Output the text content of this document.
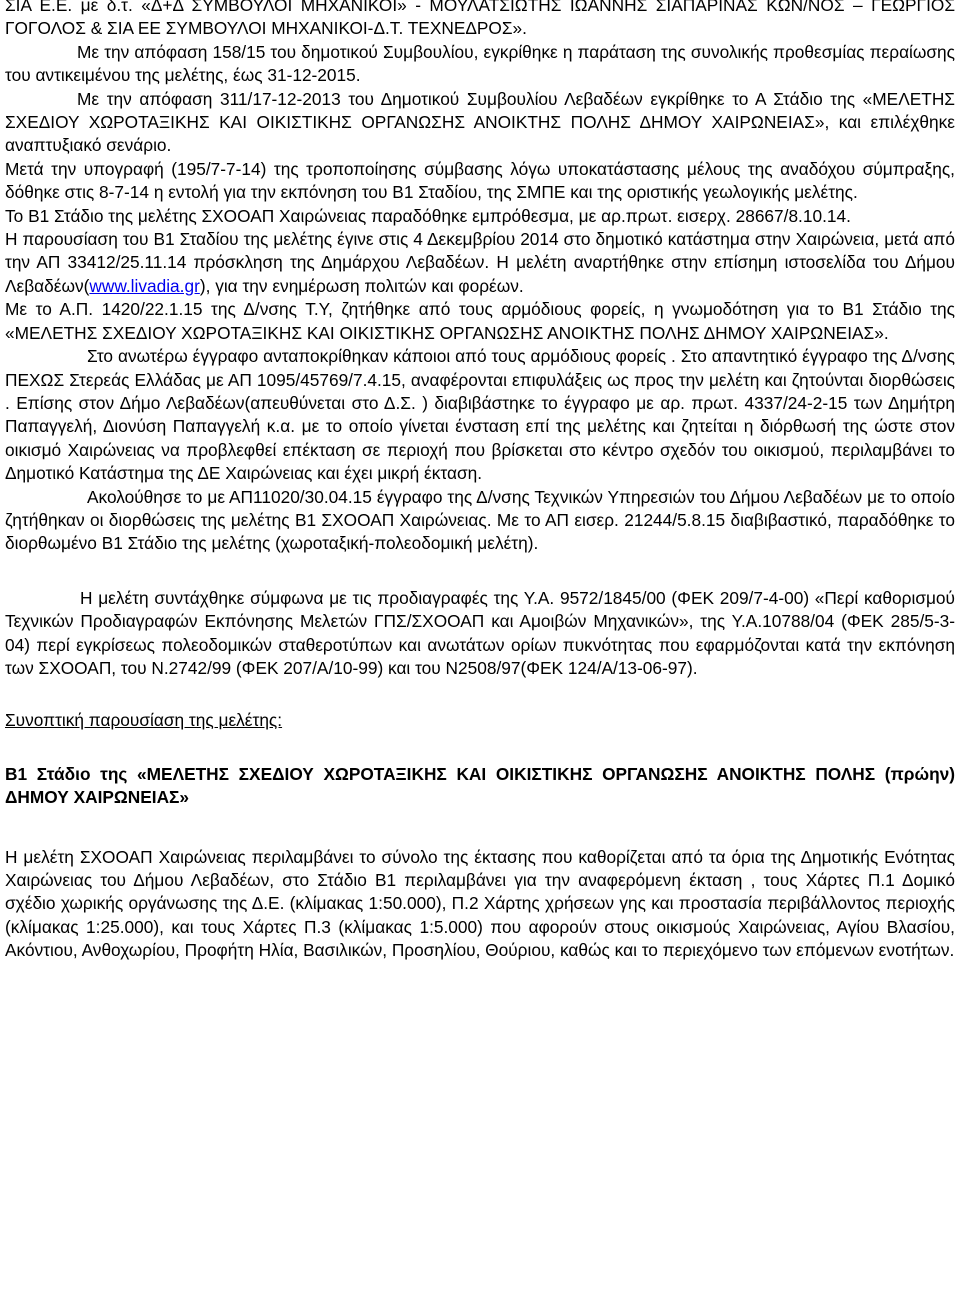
ΣΙΑ Ε.Ε. με δ.τ. «Δ+Δ ΣΥΜΒΟΥΛΟΙ ΜΗΧΑΝΙΚΟΙ» - ΜΟΥΛΑΤΣΙΩΤΗΣ ΙΩΑΝΝΗΣ ΣΙΑΠΑΡΙΝΑΣ ΚΩΝ/ΝΟΣ – ΓΕΩΡΓΙΟΣ ΓΟΓΟΛΟΣ & ΣΙΑ ΕΕ ΣΥΜΒΟΥΛΟΙ ΜΗΧΑΝΙΚΟΙ-Δ.Τ. ΤΕΧΝΕΔΡΟΣ».

Με την απόφαση 158/15 του δημοτικού Συμβουλίου, εγκρίθηκε η παράταση της συνολικής προθεσμίας περαίωσης του αντικειμένου της μελέτης, έως 31-12-2015.

Με την απόφαση 311/17-12-2013 του Δημοτικού Συμβουλίου Λεβαδέων εγκρίθηκε το Α Στάδιο της «ΜΕΛΕΤΗΣ ΣΧΕΔΙΟΥ ΧΩΡΟΤΑΞΙΚΗΣ ΚΑΙ ΟΙΚΙΣΤΙΚΗΣ ΟΡΓΑΝΩΣΗΣ ΑΝΟΙΚΤΗΣ ΠΟΛΗΣ ΔΗΜΟΥ ΧΑΙΡΩΝΕΙΑΣ», και επιλέχθηκε αναπτυξιακό σενάριο.

Μετά την υπογραφή (195/7-7-14) της τροποποίησης σύμβασης λόγω υποκατάστασης μέλους της αναδόχου σύμπραξης, δόθηκε στις 8-7-14 η εντολή για την εκπόνηση του Β1 Σταδίου, της ΣΜΠΕ και της οριστικής γεωλογικής μελέτης.

Το Β1 Στάδιο της μελέτης ΣΧΟΟΑΠ Χαιρώνειας παραδόθηκε εμπρόθεσμα, με αρ.πρωτ. εισερχ. 28667/8.10.14.

Η παρουσίαση του Β1 Σταδίου της μελέτης έγινε στις 4 Δεκεμβρίου 2014 στο δημοτικό κατάστημα στην Χαιρώνεια, μετά από την ΑΠ 33412/25.11.14 πρόσκληση της Δημάρχου Λεβαδέων. Η μελέτη αναρτήθηκε στην επίσημη ιστοσελίδα του Δήμου Λεβαδέων(www.livadia.gr), για την ενημέρωση πολιτών και φορέων.

Με το Α.Π. 1420/22.1.15 της Δ/νσης Τ.Υ, ζητήθηκε από τους αρμόδιους φορείς, η γνωμοδότηση για το Β1 Στάδιο της «ΜΕΛΕΤΗΣ ΣΧΕΔΙΟΥ ΧΩΡΟΤΑΞΙΚΗΣ ΚΑΙ ΟΙΚΙΣΤΙΚΗΣ ΟΡΓΑΝΩΣΗΣ ΑΝΟΙΚΤΗΣ ΠΟΛΗΣ ΔΗΜΟΥ ΧΑΙΡΩΝΕΙΑΣ».

Στο ανωτέρω έγγραφο ανταποκρίθηκαν κάποιοι από τους αρμόδιους φορείς . Στο απαντητικό έγγραφο της Δ/νσης ΠΕΧΩΣ Στερεάς Ελλάδας με ΑΠ 1095/45769/7.4.15, αναφέρονται επιφυλάξεις ως προς την μελέτη και ζητούνται διορθώσεις . Επίσης στον Δήμο Λεβαδέων(απευθύνεται στο Δ.Σ. ) διαβιβάστηκε το έγγραφο με αρ. πρωτ. 4337/24-2-15 των Δημήτρη Παπαγγελή, Διονύση Παπαγγελή κ.α. με το οποίο γίνεται ένσταση επί της μελέτης και ζητείται η διόρθωσή της ώστε στον οικισμό Χαιρώνειας να προβλεφθεί επέκταση σε περιοχή που βρίσκεται στο κέντρο σχεδόν του οικισμού, περιλαμβάνει το Δημοτικό Κατάστημα της ΔΕ Χαιρώνειας και έχει μικρή έκταση.

Ακολούθησε το με ΑΠ11020/30.04.15 έγγραφο της Δ/νσης Τεχνικών Υπηρεσιών του Δήμου Λεβαδέων με το οποίο ζητήθηκαν οι διορθώσεις της μελέτης Β1 ΣΧΟΟΑΠ Χαιρώνειας. Με το ΑΠ εισερ. 21244/5.8.15 διαβιβαστικό, παραδόθηκε το διορθωμένο Β1 Στάδιο της μελέτης (χωροταξική-πολεοδομική μελέτη).

Η μελέτη συντάχθηκε σύμφωνα με τις προδιαγραφές της Υ.Α. 9572/1845/00 (ΦΕΚ 209/7-4-00) «Περί καθορισμού Τεχνικών Προδιαγραφών Εκπόνησης Μελετών ΓΠΣ/ΣΧΟΟΑΠ και Αμοιβών Μηχανικών», της Υ.Α.10788/04 (ΦΕΚ 285/5-3-04) περί εγκρίσεως πολεοδομικών σταθεροτύπων και ανωτάτων ορίων πυκνότητας που εφαρμόζονται κατά την εκπόνηση των ΣΧΟΟΑΠ, του Ν.2742/99 (ΦΕΚ 207/Α/10-99) και του Ν2508/97(ΦΕΚ 124/Α/13-06-97).

Συνοπτική παρουσίαση της μελέτης:

Β1 Στάδιο της «ΜΕΛΕΤΗΣ ΣΧΕΔΙΟΥ ΧΩΡΟΤΑΞΙΚΗΣ ΚΑΙ ΟΙΚΙΣΤΙΚΗΣ ΟΡΓΑΝΩΣΗΣ ΑΝΟΙΚΤΗΣ ΠΟΛΗΣ (πρώην) ΔΗΜΟΥ ΧΑΙΡΩΝΕΙΑΣ»

Η μελέτη ΣΧΟΟΑΠ Χαιρώνειας περιλαμβάνει το σύνολο της έκτασης που καθορίζεται από τα όρια της Δημοτικής Ενότητας Χαιρώνειας του Δήμου Λεβαδέων, στο Στάδιο Β1 περιλαμβάνει για την αναφερόμενη έκταση , τους Χάρτες Π.1 Δομικό σχέδιο χωρικής οργάνωσης της Δ.Ε. (κλίμακας 1:50.000), Π.2 Χάρτης χρήσεων γης και προστασία περιβάλλοντος περιοχής (κλίμακας 1:25.000), και τους Χάρτες Π.3 (κλίμακας 1:5.000) που αφορούν στους οικισμούς Χαιρώνειας, Αγίου Βλασίου, Ακόντιου, Ανθοχωρίου, Προφήτη Ηλία, Βασιλικών, Προσηλίου, Θούριου, καθώς και το περιεχόμενο των επόμενων ενοτήτων.
